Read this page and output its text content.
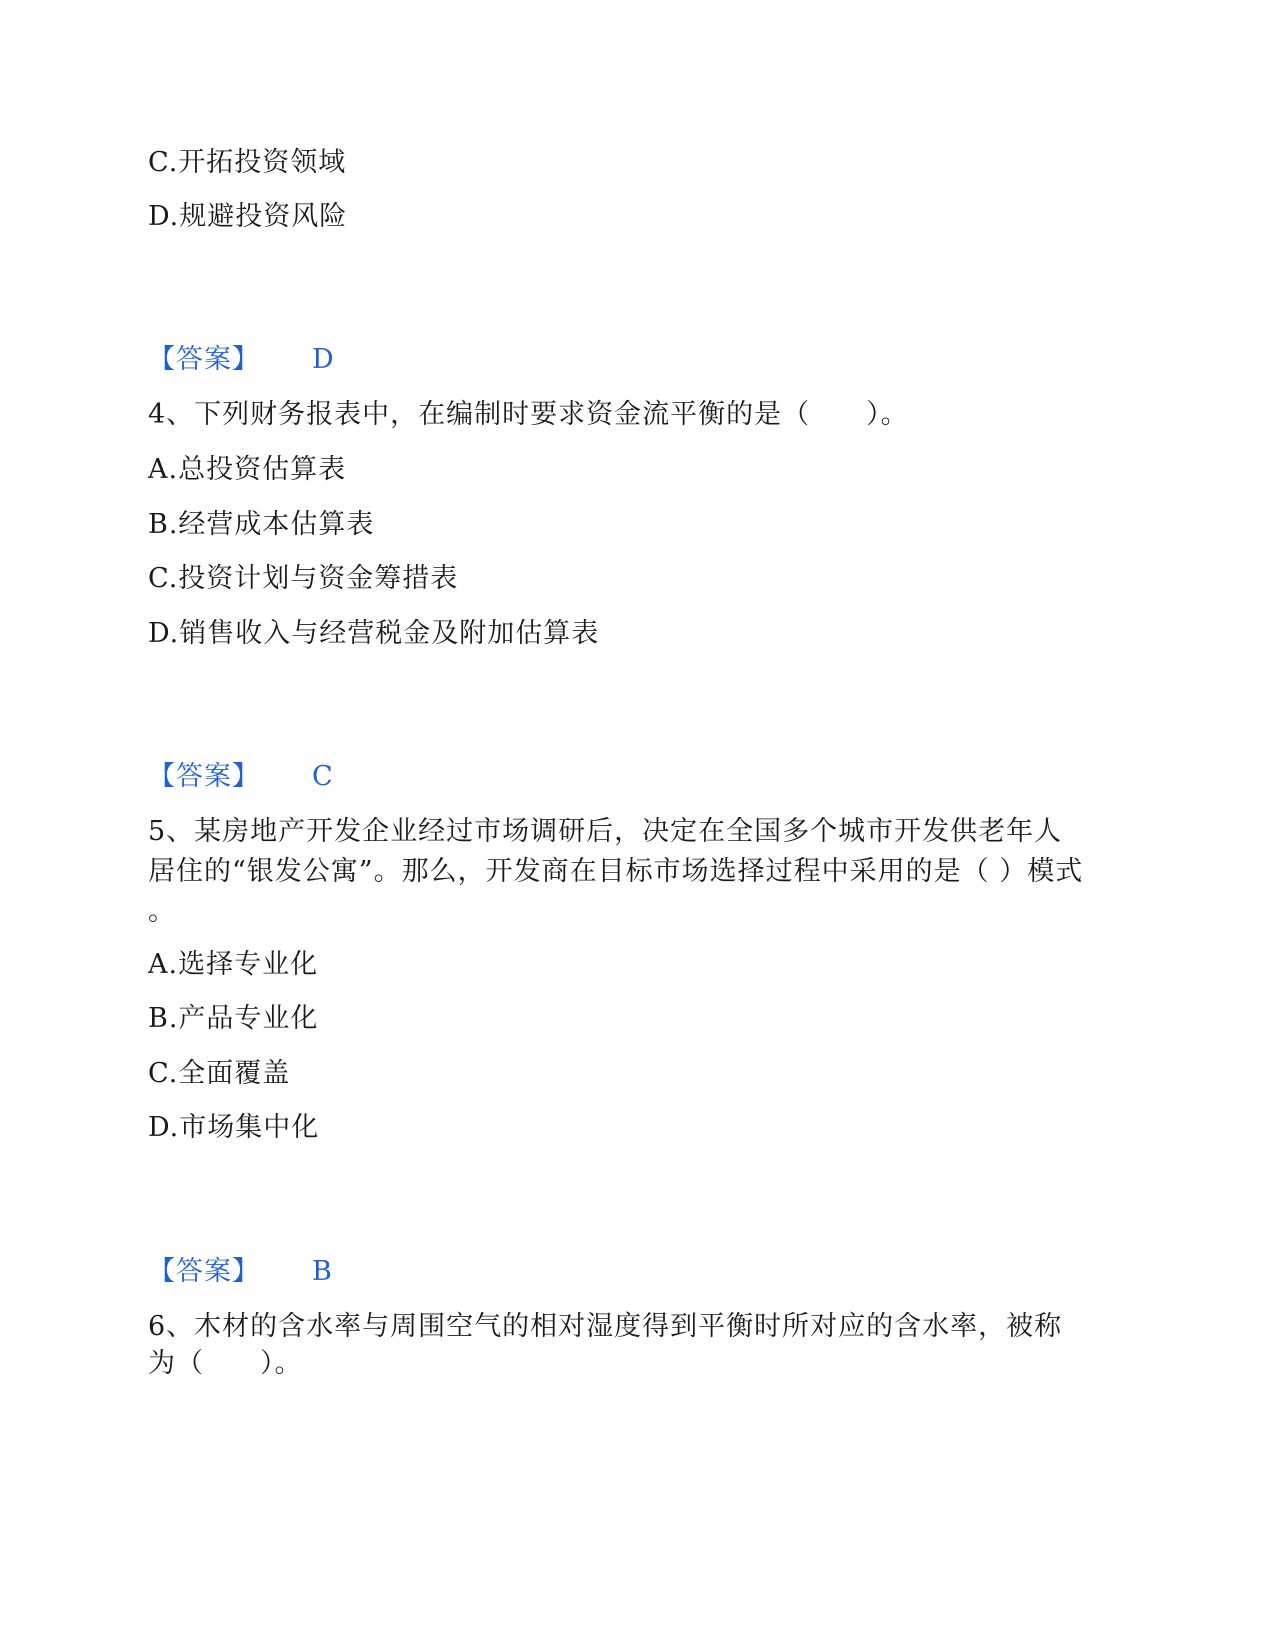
C.开拓投资领域
D.规避投资风险
【答案】 D
4、下列财务报表中，在编制时要求资金流平衡的是（　　）。
A.总投资估算表
B.经营成本估算表
C.投资计划与资金筹措表
D.销售收入与经营税金及附加估算表
【答案】 C
5、某房地产开发企业经过市场调研后，决定在全国多个城市开发供老年人
居住的“银发公寓”。那么，开发商在目标市场选择过程中采用的是（ ）模式
。
A.选择专业化
B.产品专业化
C.全面覆盖
D.市场集中化
【答案】 B
6、木材的含水率与周围空气的相对湿度得到平衡时所对应的含水率，被称
为（　　）。
